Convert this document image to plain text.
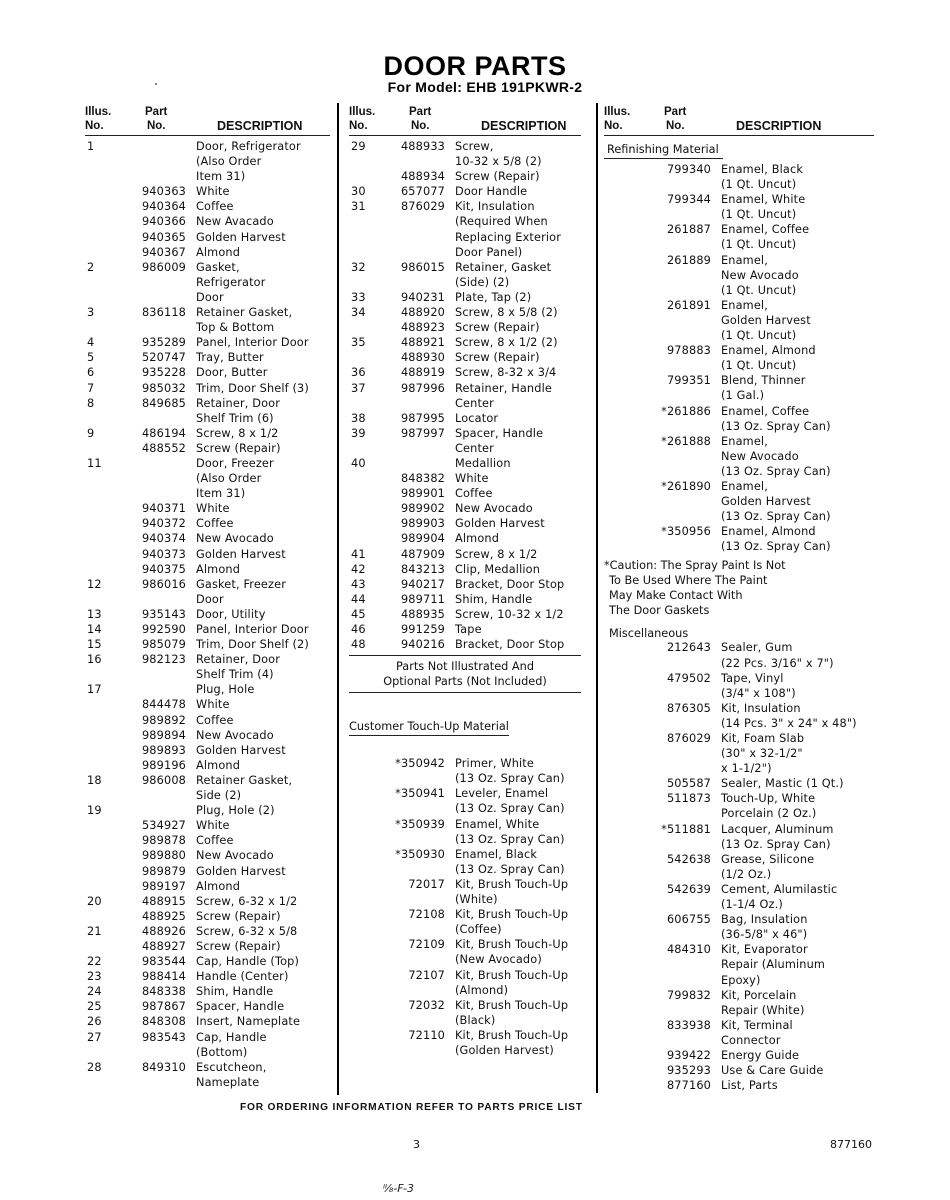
DOOR PARTS
For Model: EHB 191PKWR-2
Illus.
No.
Part
No.	DESCRIPTION
1	Door, Refrigerator
(Also Order
Item 31)
940363 White
940364 Coffee
940366 New Avacado
940365 Golden Harvest
940367 Almond
2	986009 Gasket,
Refrigerator
Door
3	836118 Retainer Gasket,
Top & Bottom
4	935289 Panel, Interior Door
5	520747 Tray, Butter
6	935228 Door, Butter
7	985032 Trim, Door Shelf (3)
8	849685 Retainer, Door
Shelf Trim (6)
9	486194 Screw, 8 x 1/2
488552 Screw (Repair)
11	Door, Freezer
(Also Order
Item 31)
940371 White
940372 Coffee
940374 New Avocado
940373 Golden Harvest
940375 Almond
12	986016 Gasket, Freezer
Door
13	935143 Door, Utility
14	992590 Panel, Interior Door
15	985079 Trim, Door Shelf (2)
16	982123 Retainer, Door
Shelf Trim (4)
17	Plug, Hole
844478 White
989892 Coffee
989894 New Avocado
989893 Golden Harvest
989196 Almond
18	986008 Retainer Gasket,
Side (2)
19	Plug, Hole (2)
534927 White
989878 Coffee
989880 New Avocado
989879 Golden Harvest
989197 Almond
20	488915 Screw, 6-32 x 1/2
488925 Screw (Repair)
21	488926 Screw, 6-32 x 5/8
488927 Screw (Repair)
22	983544 Cap, Handle (Top)
23	988414 Handle (Center)
24	848338 Shim, Handle
25	987867 Spacer, Handle
26	848308 Insert, Nameplate
27	983543 Cap, Handle
(Bottom)
28	849310 Escutcheon,
Nameplate
Illus.
No.
Part
No.	DESCRIPTION
29	488933 Screw,
10-32 x 5/8 (2)
488934 Screw (Repair)
30	657077 Door Handle
31	876029 Kit, Insulation
(Required When
Replacing Exterior
Door Panel)
32	986015 Retainer, Gasket
(Side) (2)
33	940231 Plate, Tap (2)
34	488920 Screw, 8 x 5/8 (2)
488923 Screw (Repair)
35	488921 Screw, 8 x 1/2 (2)
488930 Screw (Repair)
36	488919 Screw, 8-32 x 3/4
37	987996 Retainer, Handle
Center
38	987995 Locator
39	987997 Spacer, Handle
Center
40	Medallion
848382 White
989901 Coffee
989902 New Avocado
989903 Golden Harvest
989904 Almond
41	487909 Screw, 8 x 1/2
42	843213 Clip, Medallion
43	940217 Bracket, Door Stop
44	989711 Shim, Handle
45	488935 Screw, 10-32 x 1/2
46	991259 Tape
48	940216 Bracket, Door Stop
Parts Not Illustrated And
Optional Parts (Not Included)
Customer Touch-Up Material
*350942 Primer, White
(13 Oz. Spray Can)
*350941 Leveler, Enamel
(13 Oz. Spray Can)
*350939 Enamel, White
(13 Oz. Spray Can)
*350930 Enamel, Black
(13 Oz. Spray Can)
72017 Kit, Brush Touch-Up
(White)
72108 Kit, Brush Touch-Up
(Coffee)
72109 Kit, Brush Touch-Up
(New Avocado)
72107 Kit, Brush Touch-Up
(Almond)
72032 Kit, Brush Touch-Up
(Black)
72110 Kit, Brush Touch-Up
(Golden Harvest)
Illus.
No.
Part
No.	DESCRIPTION
Refinishing Material
799340 Enamel, Black
(1 Qt. Uncut)
799344 Enamel, White
(1 Qt. Uncut)
261887 Enamel, Coffee
(1 Qt. Uncut)
261889 Enamel,
New Avocado
(1 Qt. Uncut)
261891 Enamel,
Golden Harvest
(1 Qt. Uncut)
978883 Enamel, Almond
(1 Qt. Uncut)
799351 Blend, Thinner
(1 Gal.)
*261886 Enamel, Coffee
(13 Oz. Spray Can)
*261888 Enamel,
New Avocado
(13 Oz. Spray Can)
*261890 Enamel,
Golden Harvest
(13 Oz. Spray Can)
*350956 Enamel, Almond
(13 Oz. Spray Can)
*Caution: The Spray Paint Is Not
To Be Used Where The Paint
May Make Contact With
The Door Gaskets
Miscellaneous
212643 Sealer, Gum
(22 Pcs. 3/16" x 7")
479502 Tape, Vinyl
(3/4" x 108")
876305 Kit, Insulation
(14 Pcs. 3" x 24" x 48")
876029 Kit, Foam Slab
(30" x 32-1/2"
x 1-1/2")
505587 Sealer, Mastic (1 Qt.)
511873 Touch-Up, White
Porcelain (2 Oz.)
*511881 Lacquer, Aluminum
(13 Oz. Spray Can)
542638 Grease, Silicone
(1/2 Oz.)
542639 Cement, Alumilastic
(1-1/4 Oz.)
606755 Bag, Insulation
(36-5/8" x 46")
484310 Kit, Evaporator
Repair (Aluminum
Epoxy)
799832 Kit, Porcelain
Repair (White)
833938 Kit, Terminal
Connector
939422 Energy Guide
935293 Use & Care Guide
877160 List, Parts
FOR ORDERING INFORMATION REFER TO PARTS PRICE LIST
3	877160
ᴵᴵ⁄₈-F-3
